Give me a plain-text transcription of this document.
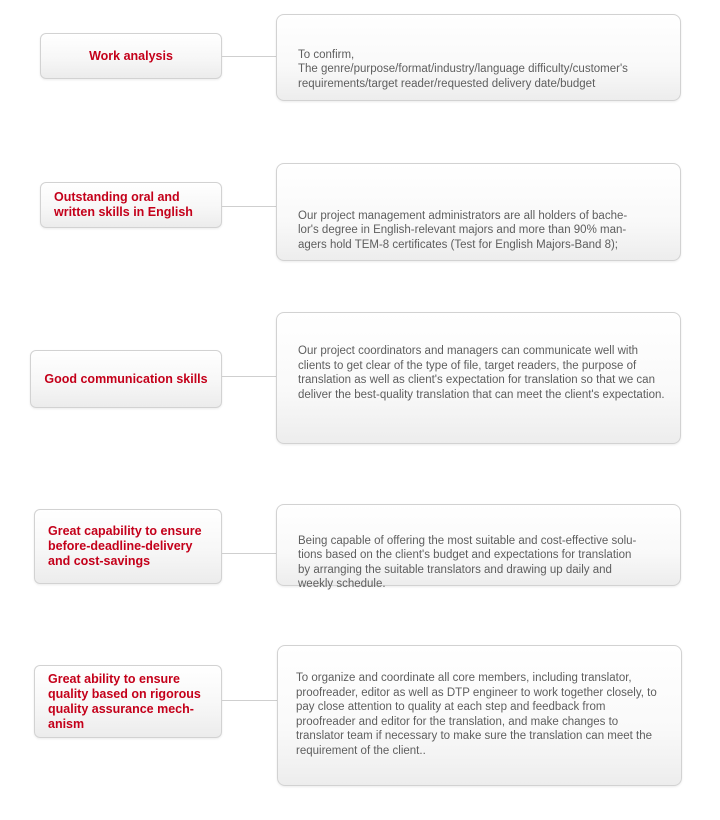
Work analysis	To confirm,
The genre/purpose/format/industry/language difficulty/customer's requirements/target reader/requested delivery date/budget

Outstanding oral and
written skills in English	Our project management administrators are all holders of bache-
lor's degree in English-relevant majors and more than 90% man-
agers hold TEM-8 certificates (Test for English Majors-Band 8);

Good communication skills
Our project coordinators and managers can communicate well with clients to get clear of the type of file, target readers, the purpose of translation as well as client's expectation for translation so that we can deliver the best-quality translation that can meet the client's expectation.
Great capability to ensure
before-deadline-delivery
and cost-savings

Being capable of offering the most suitable and cost-effective solu-
tions based on the client's budget and expectations for translation
by arranging the suitable translators and drawing up daily and
weekly schedule.

Great ability to ensure
quality based on rigorous
quality assurance mech-
anism
To organize and coordinate all core members, including translator, proofreader, editor as well as DTP engineer to work together closely, to pay close attention to quality at each step and feedback from proofreader and editor for the translation, and make changes to translator team if necessary to make sure the translation can meet the requirement of the client..
